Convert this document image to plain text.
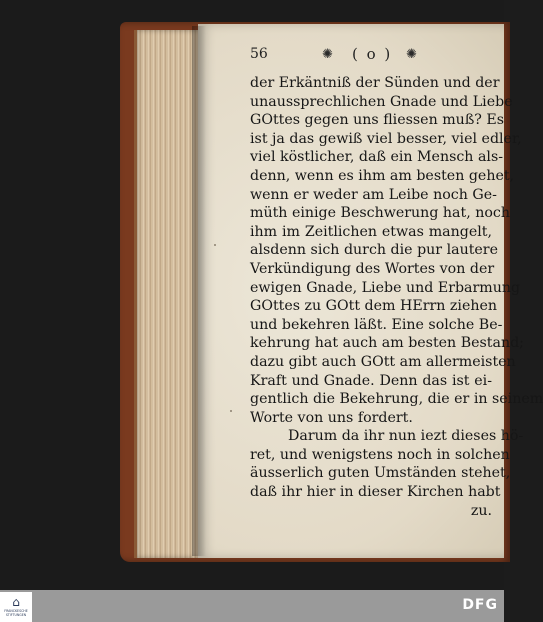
56	✺ ( o ) ✺
der Erkäntniß der Sünden und der
unaussprechlichen Gnade und Liebe
GOttes gegen uns fliessen muß? Es
ist ja das gewiß viel besser, viel edler,
viel köstlicher, daß ein Mensch als-
denn, wenn es ihm am besten gehet,
wenn er weder am Leibe noch Ge-
müth einige Beschwerung hat, noch
ihm im Zeitlichen etwas mangelt,
alsdenn sich durch die pur lautere
Verkündigung des Wortes von der
ewigen Gnade, Liebe und Erbarmung
GOttes zu GOtt dem HErrn ziehen
und bekehren läßt. Eine solche Be-
kehrung hat auch am besten Bestand;
dazu gibt auch GOtt am allermeisten
Kraft und Gnade. Denn das ist ei-
gentlich die Bekehrung, die er in seinem
Worte von uns fordert.
Darum da ihr nun iezt dieses hö-
ret, und wenigstens noch in solchen
äusserlich guten Umständen stehet,
daß ihr hier in dieser Kirchen habt
zu.
⌂
FRANCKESCHE STIFTUNGEN
DFG
